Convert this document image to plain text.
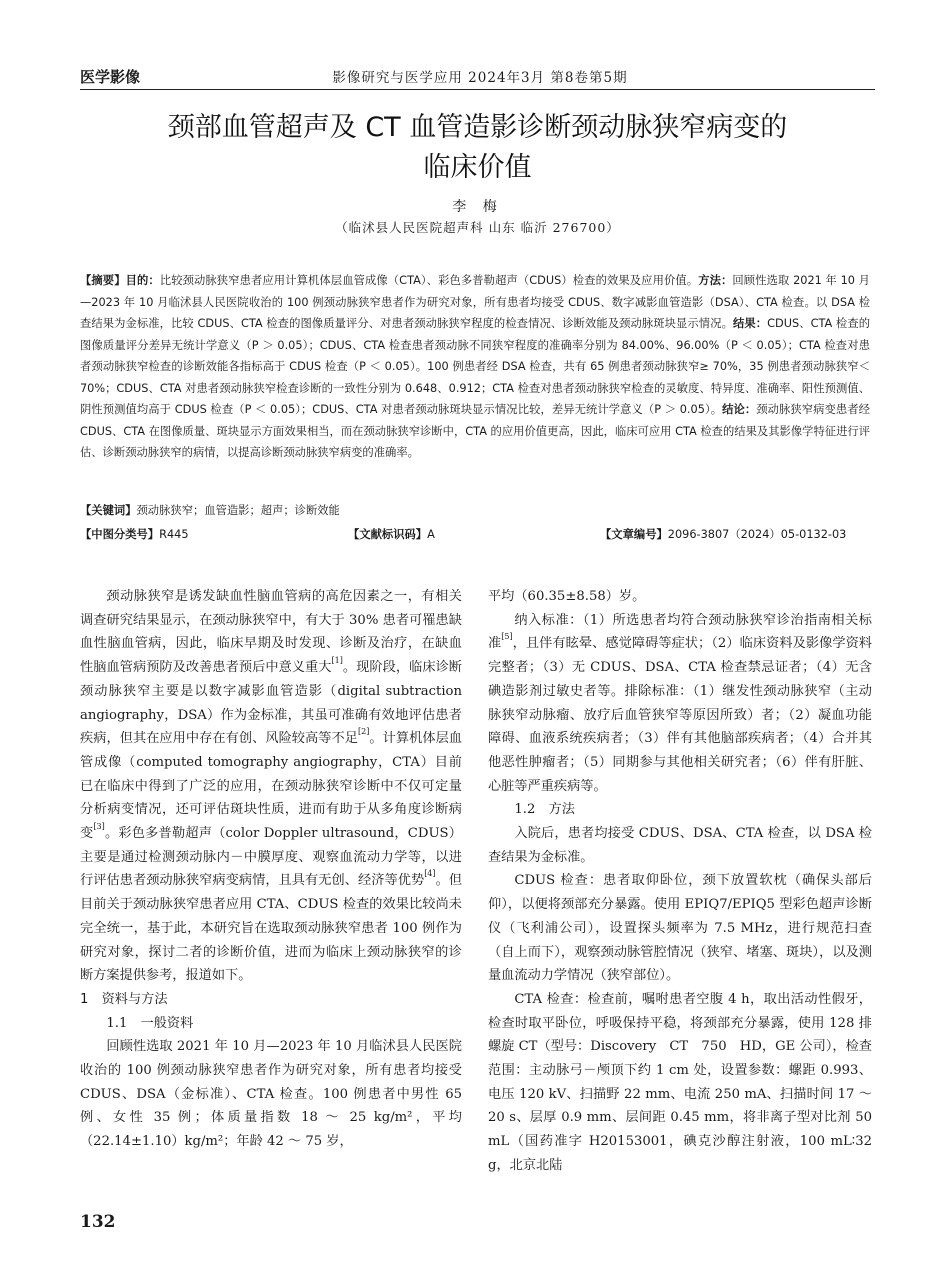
医学影像	影像研究与医学应用 2024年3月 第8卷第5期
颈部血管超声及 CT 血管造影诊断颈动脉狭窄病变的
临床价值
李 梅
（临沭县人民医院超声科 山东 临沂 276700）
【摘要】目的：比较颈动脉狭窄患者应用计算机体层血管成像（CTA）、彩色多普勒超声（CDUS）检查的效果及应用价值。方法：回顾性选取 2021 年 10 月—2023 年 10 月临沭县人民医院收治的 100 例颈动脉狭窄患者作为研究对象，所有患者均接受 CDUS、数字减影血管造影（DSA）、CTA 检查。以 DSA 检查结果为金标准，比较 CDUS、CTA 检查的图像质量评分、对患者颈动脉狭窄程度的检查情况、诊断效能及颈动脉斑块显示情况。结果：CDUS、CTA 检查的图像质量评分差异无统计学意义（P ＞ 0.05）；CDUS、CTA 检查患者颈动脉不同狭窄程度的准确率分别为 84.00%、96.00%（P ＜ 0.05）；CTA 检查对患者颈动脉狭窄检查的诊断效能各指标高于 CDUS 检查（P ＜ 0.05）。100 例患者经 DSA 检查，共有 65 例患者颈动脉狭窄≥ 70%，35 例患者颈动脉狭窄＜ 70%；CDUS、CTA 对患者颈动脉狭窄检查诊断的一致性分别为 0.648、0.912；CTA 检查对患者颈动脉狭窄检查的灵敏度、特异度、准确率、阳性预测值、阴性预测值均高于 CDUS 检查（P ＜ 0.05）；CDUS、CTA 对患者颈动脉斑块显示情况比较，差异无统计学意义（P ＞ 0.05）。结论：颈动脉狭窄病变患者经 CDUS、CTA 在图像质量、斑块显示方面效果相当，而在颈动脉狭窄诊断中，CTA 的应用价值更高，因此，临床可应用 CTA 检查的结果及其影像学特征进行评估、诊断颈动脉狭窄的病情，以提高诊断颈动脉狭窄病变的准确率。
【关键词】颈动脉狭窄；血管造影；超声；诊断效能
【中图分类号】R445	【文献标识码】A	【文章编号】2096-3807（2024）05-0132-03

颈动脉狭窄是诱发缺血性脑血管病的高危因素之一，有相关调查研究结果显示，在颈动脉狭窄中，有大于 30% 患者可罹患缺血性脑血管病，因此，临床早期及时发现、诊断及治疗，在缺血性脑血管病预防及改善患者预后中意义重大[1]。现阶段，临床诊断颈动脉狭窄主要是以数字减影血管造影（digital subtraction angiography，DSA）作为金标准，其虽可准确有效地评估患者疾病，但其在应用中存在有创、风险较高等不足[2]。计算机体层血管成像（computed tomography angiography，CTA）目前已在临床中得到了广泛的应用，在颈动脉狭窄诊断中不仅可定量分析病变情况，还可评估斑块性质，进而有助于从多角度诊断病变[3]。彩色多普勒超声（color Doppler ultrasound，CDUS）主要是通过检测颈动脉内－中膜厚度、观察血流动力学等，以进行评估患者颈动脉狭窄病变病情，且具有无创、经济等优势[4]。但目前关于颈动脉狭窄患者应用 CTA、CDUS 检查的效果比较尚未完全统一，基于此，本研究旨在选取颈动脉狭窄患者 100 例作为研究对象，探讨二者的诊断价值，进而为临床上颈动脉狭窄的诊断方案提供参考，报道如下。

1　资料与方法

1.1　一般资料

回顾性选取 2021 年 10 月—2023 年 10 月临沭县人民医院收治的 100 例颈动脉狭窄患者作为研究对象，所有患者均接受 CDUS、DSA（金标准）、CTA 检查。100 例患者中男性 65 例、女性 35 例；体质量指数 18 ～ 25 kg/m²，平均（22.14±1.10）kg/m²；年龄 42 ～ 75 岁，

平均（60.35±8.58）岁。

纳入标准：（1）所选患者均符合颈动脉狭窄诊治指南相关标准[5]，且伴有眩晕、感觉障碍等症状；（2）临床资料及影像学资料完整者；（3）无 CDUS、DSA、CTA 检查禁忌证者；（4）无含碘造影剂过敏史者等。排除标准：（1）继发性颈动脉狭窄（主动脉狭窄动脉瘤、放疗后血管狭窄等原因所致）者；（2）凝血功能障碍、血液系统疾病者；（3）伴有其他脑部疾病者；（4）合并其他恶性肿瘤者；（5）同期参与其他相关研究者；（6）伴有肝脏、心脏等严重疾病等。

1.2　方法

入院后，患者均接受 CDUS、DSA、CTA 检查，以 DSA 检查结果为金标准。

CDUS 检查：患者取仰卧位，颈下放置软枕（确保头部后仰），以便将颈部充分暴露。使用 EPIQ7/EPIQ5 型彩色超声诊断仪（飞利浦公司），设置探头频率为 7.5 MHz，进行规范扫查（自上而下），观察颈动脉管腔情况（狭窄、堵塞、斑块），以及测量血流动力学情况（狭窄部位）。

CTA 检查：检查前，嘱咐患者空腹 4 h，取出活动性假牙，检查时取平卧位，呼吸保持平稳，将颈部充分暴露，使用 128 排螺旋 CT（型号：Discovery　CT　750　HD，GE 公司），检查范围：主动脉弓－颅顶下约 1 cm 处，设置参数：螺距 0.993、电压 120 kV、扫描野 22 mm、电流 250 mA、扫描时间 17 ～ 20 s、层厚 0.9 mm、层间距 0.45 mm，将非离子型对比剂 50 mL（国药准字 H20153001，碘克沙醇注射液，100 mL∶32 g，北京北陆

132
